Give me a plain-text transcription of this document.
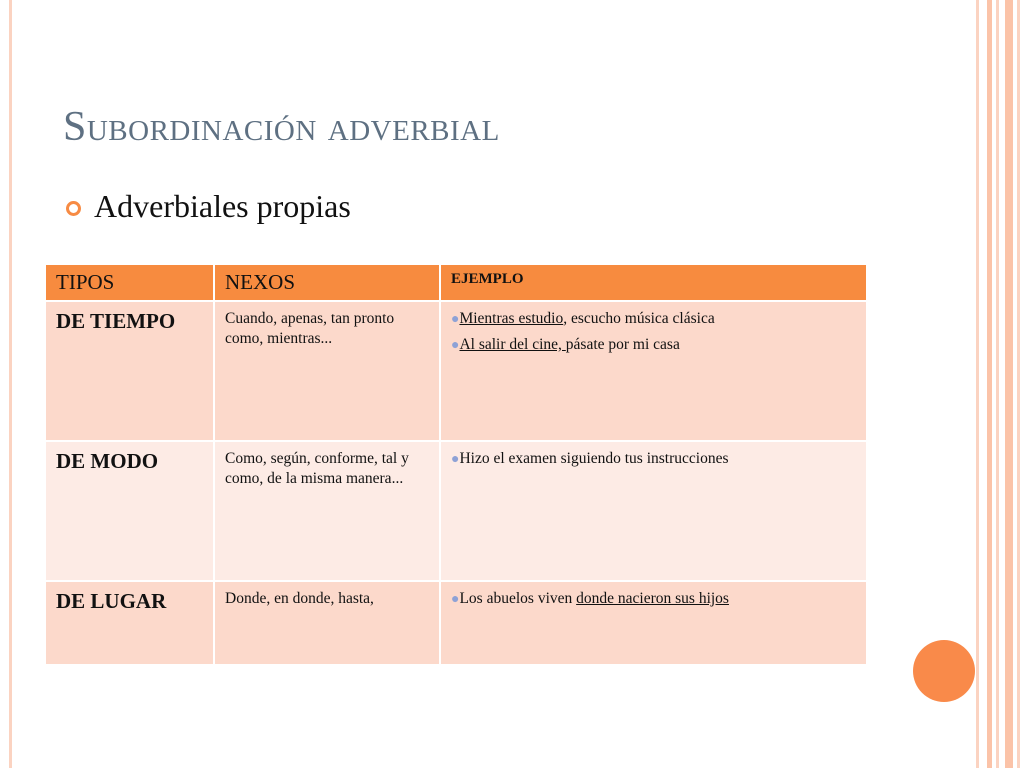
Subordinación adverbial
Adverbiales propias
TIPOS	NEXOS	EJEMPLO
DE TIEMPO	Cuando, apenas, tan pronto como, mientras...	●Mientras estudio, escucho música clásica
●Al salir del cine, pásate por mi casa

DE MODO	Como, según, conforme, tal y como, de la misma manera...	●Hizo el examen siguiendo tus instrucciones

DE LUGAR	Donde, en donde, hasta,	●Los abuelos viven donde nacieron sus hijos
